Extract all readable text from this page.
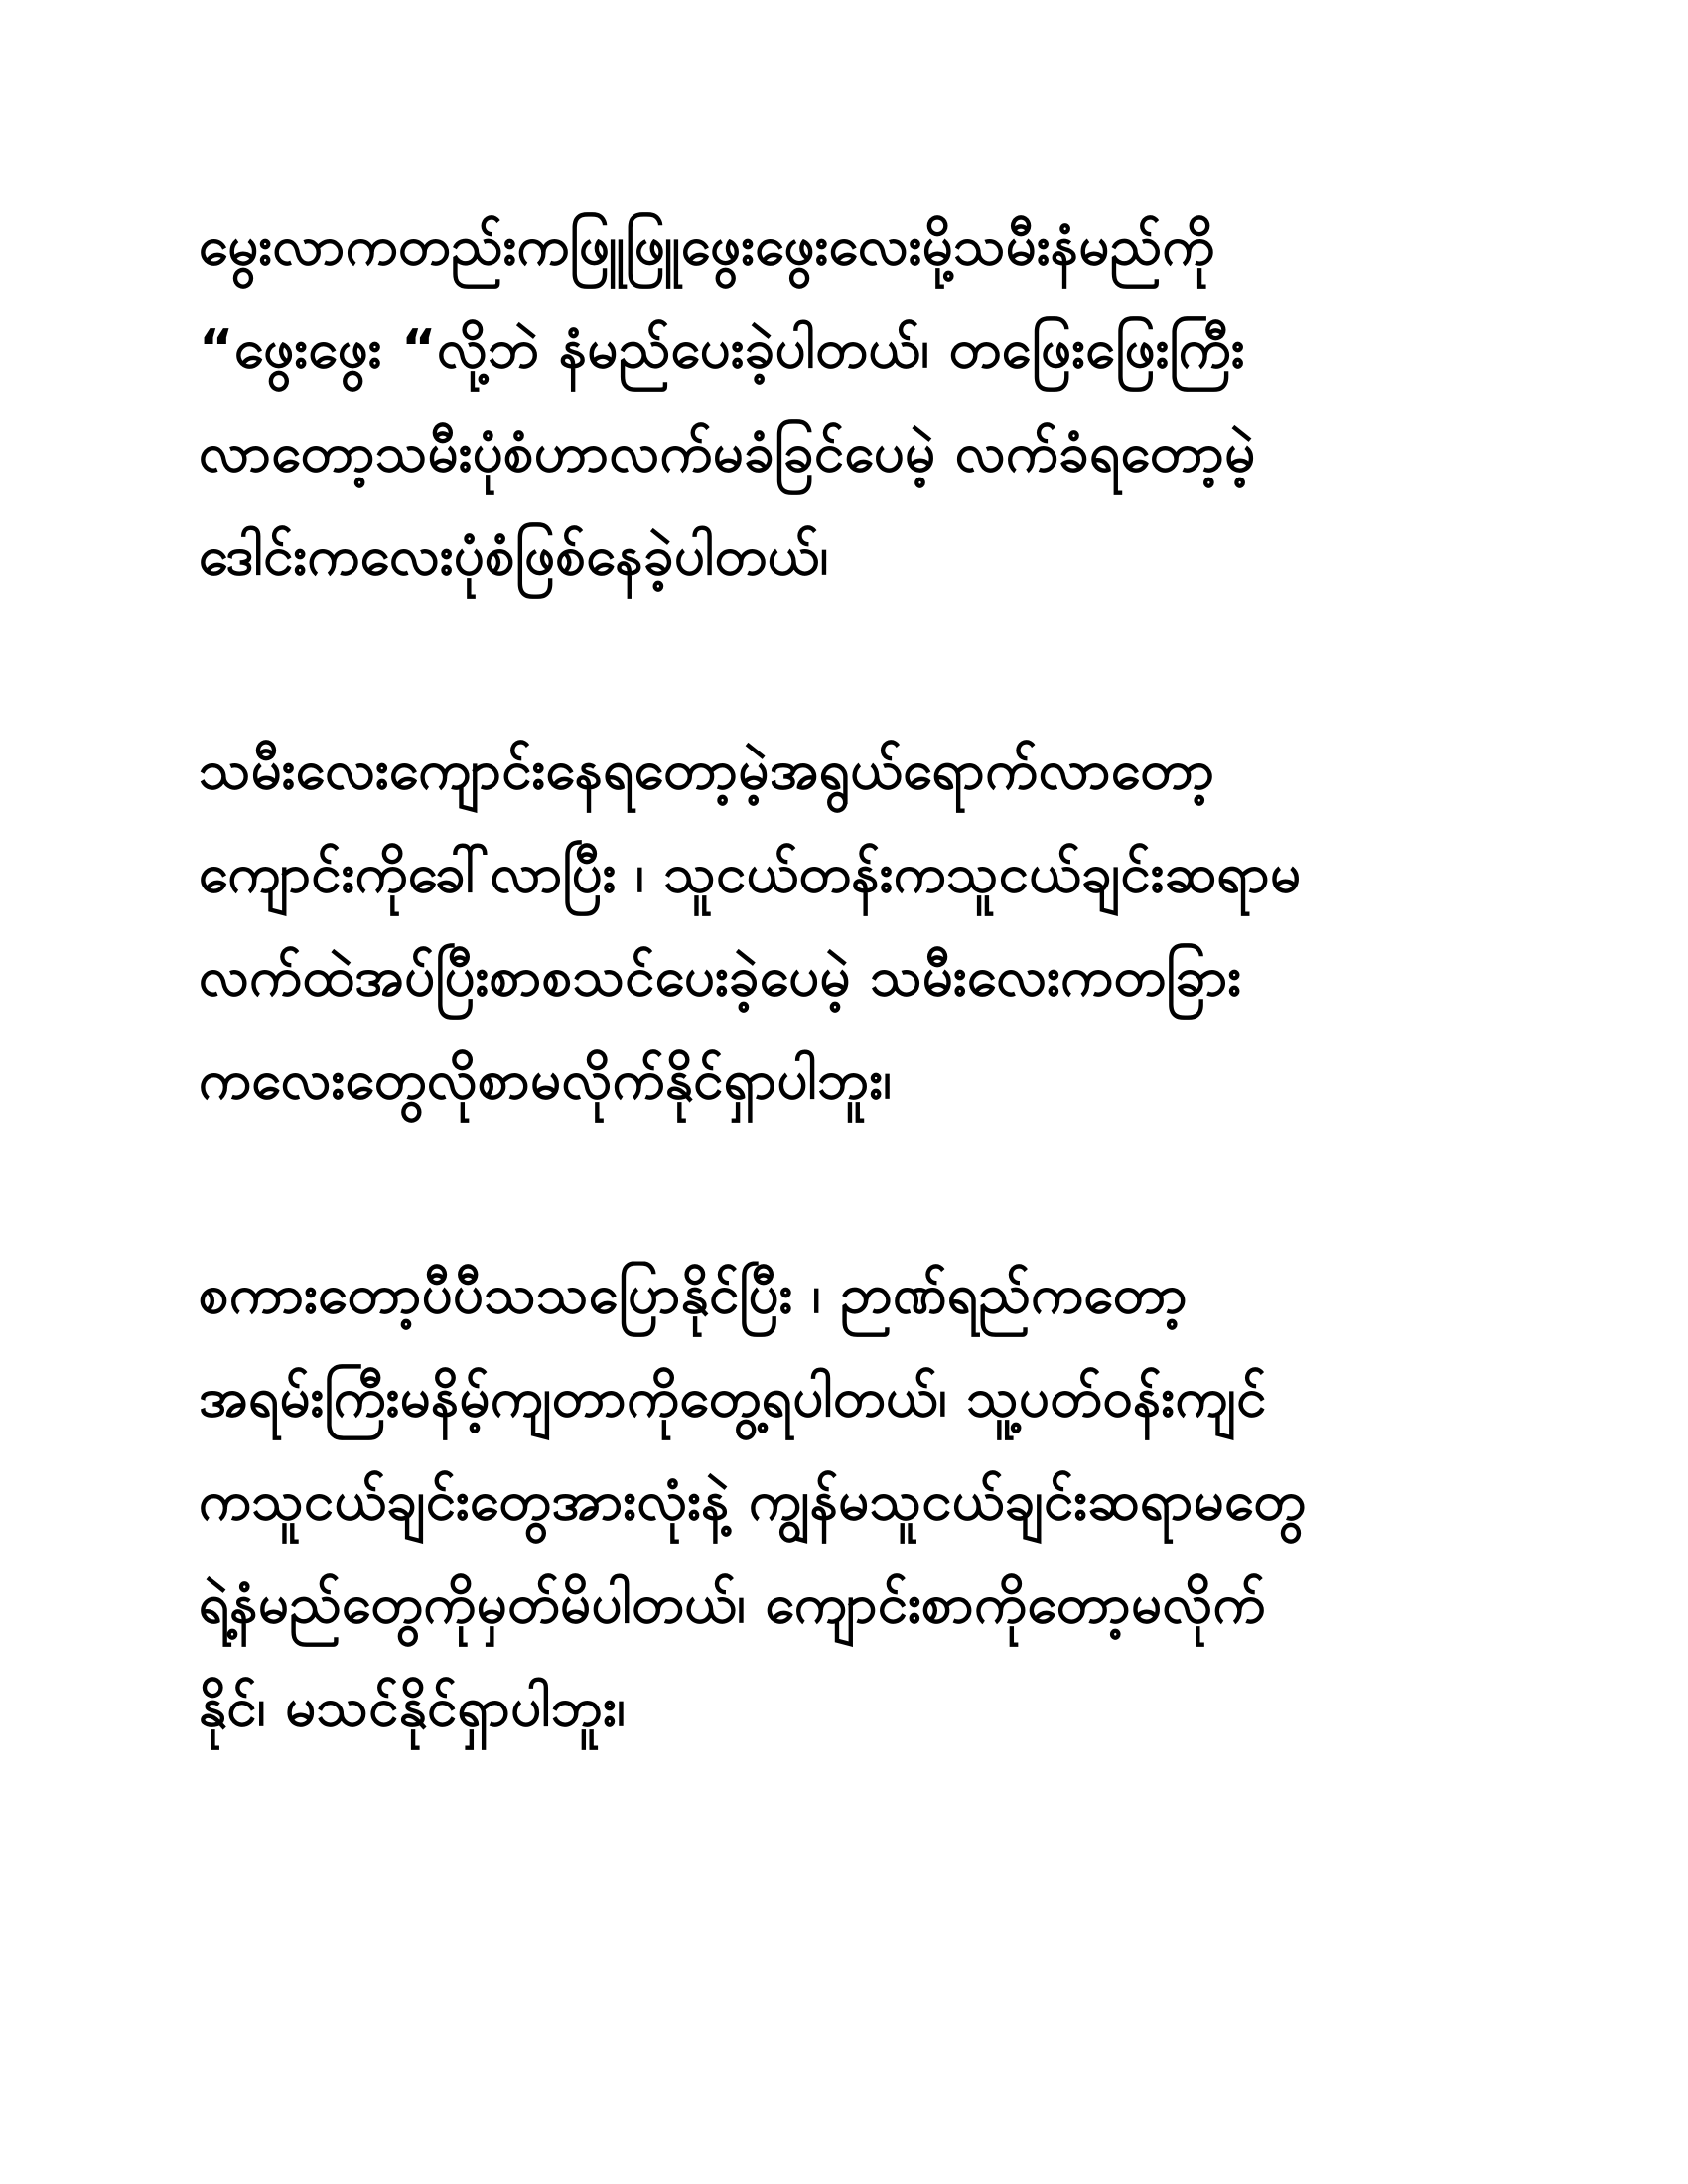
မွေးလာကတည်းကဖြူဖြူဖွေးဖွေးလေးမို့သမီးနံမည်ကို
“ဖွေးဖွေး “လို့ဘဲ နံမည်ပေးခဲ့ပါတယ်၊ တဖြေးဖြေးကြီး
လာတော့သမီးပုံစံဟာလက်မခံခြင်ပေမဲ့ လက်ခံရတော့မဲ့
ဒေါင်းကလေးပုံစံဖြစ်နေခဲ့ပါတယ်၊
သမီးလေးကျောင်းနေရတော့မဲ့အရွယ်ရောက်လာတော့
ကျောင်းကိုခေါ်လာပြီး ၊ သူငယ်တန်းကသူငယ်ချင်းဆရာမ
လက်ထဲအပ်ပြီးစာစသင်ပေးခဲ့ပေမဲ့ သမီးလေးကတခြား
ကလေးတွေလိုစာမလိုက်နိုင်ရှာပါဘူး၊
စကားတော့ပီပီသသပြောနိုင်ပြီး ၊ ဉာဏ်ရည်ကတော့
အရမ်းကြီးမနိမ့်ကျတာကိုတွေ့ရပါတယ်၊ သူ့ပတ်ဝန်းကျင်
ကသူငယ်ချင်းတွေအားလုံးနဲ့ ကျွန်မသူငယ်ချင်းဆရာမတွေ
ရဲ့နံမည်တွေကိုမှတ်မိပါတယ်၊ ကျောင်းစာကိုတော့မလိုက်
နိုင်၊ မသင်နိုင်ရှာပါဘူး၊
